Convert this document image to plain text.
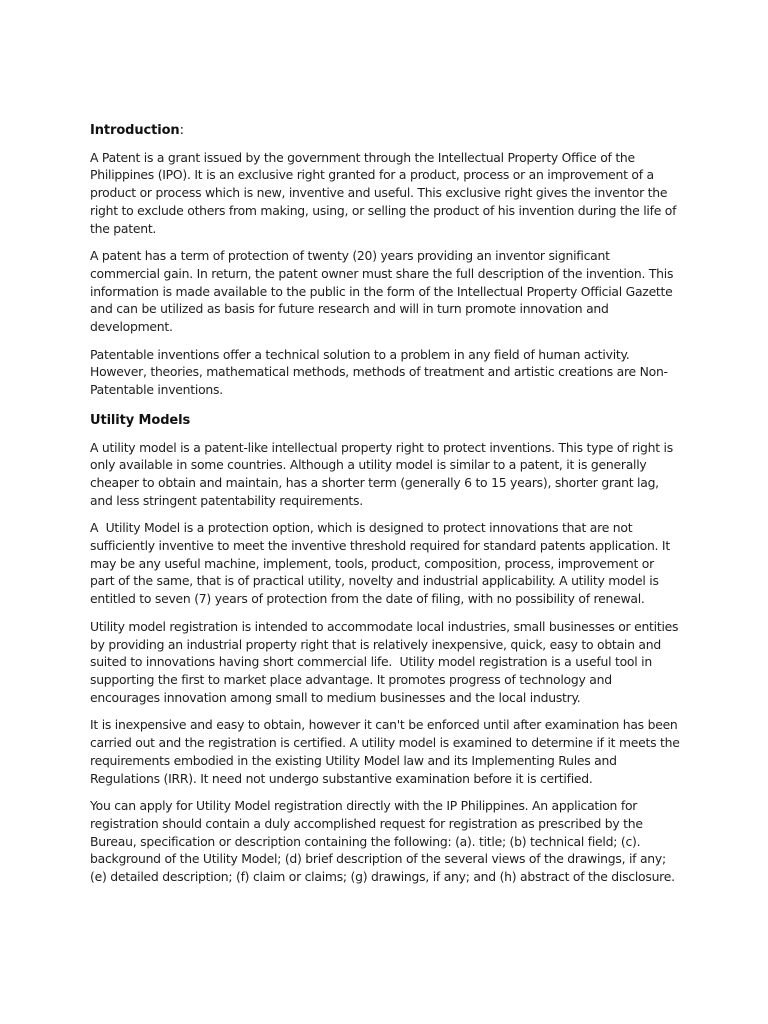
Introduction:

A Patent is a grant issued by the government through the Intellectual Property Office of the Philippines (IPO). It is an exclusive right granted for a product, process or an improvement of a product or process which is new, inventive and useful. This exclusive right gives the inventor the right to exclude others from making, using, or selling the product of his invention during the life of the patent.

A patent has a term of protection of twenty (20) years providing an inventor significant commercial gain. In return, the patent owner must share the full description of the invention. This information is made available to the public in the form of the Intellectual Property Official Gazette and can be utilized as basis for future research and will in turn promote innovation and development.

Patentable inventions offer a technical solution to a problem in any field of human activity. However, theories, mathematical methods, methods of treatment and artistic creations are Non-Patentable inventions.

Utility Models

A utility model is a patent-like intellectual property right to protect inventions. This type of right is only available in some countries. Although a utility model is similar to a patent, it is generally cheaper to obtain and maintain, has a shorter term (generally 6 to 15 years), shorter grant lag, and less stringent patentability requirements.

A  Utility Model is a protection option, which is designed to protect innovations that are not sufficiently inventive to meet the inventive threshold required for standard patents application. It may be any useful machine, implement, tools, product, composition, process, improvement or part of the same, that is of practical utility, novelty and industrial applicability. A utility model is entitled to seven (7) years of protection from the date of filing, with no possibility of renewal.

Utility model registration is intended to accommodate local industries, small businesses or entities by providing an industrial property right that is relatively inexpensive, quick, easy to obtain and suited to innovations having short commercial life.  Utility model registration is a useful tool in supporting the first to market place advantage. It promotes progress of technology and encourages innovation among small to medium businesses and the local industry.

It is inexpensive and easy to obtain, however it can't be enforced until after examination has been carried out and the registration is certified. A utility model is examined to determine if it meets the requirements embodied in the existing Utility Model law and its Implementing Rules and Regulations (IRR). It need not undergo substantive examination before it is certified.

You can apply for Utility Model registration directly with the IP Philippines. An application for registration should contain a duly accomplished request for registration as prescribed by the Bureau, specification or description containing the following: (a). title; (b) technical field; (c). background of the Utility Model; (d) brief description of the several views of the drawings, if any; (e) detailed description; (f) claim or claims; (g) drawings, if any; and (h) abstract of the disclosure.
